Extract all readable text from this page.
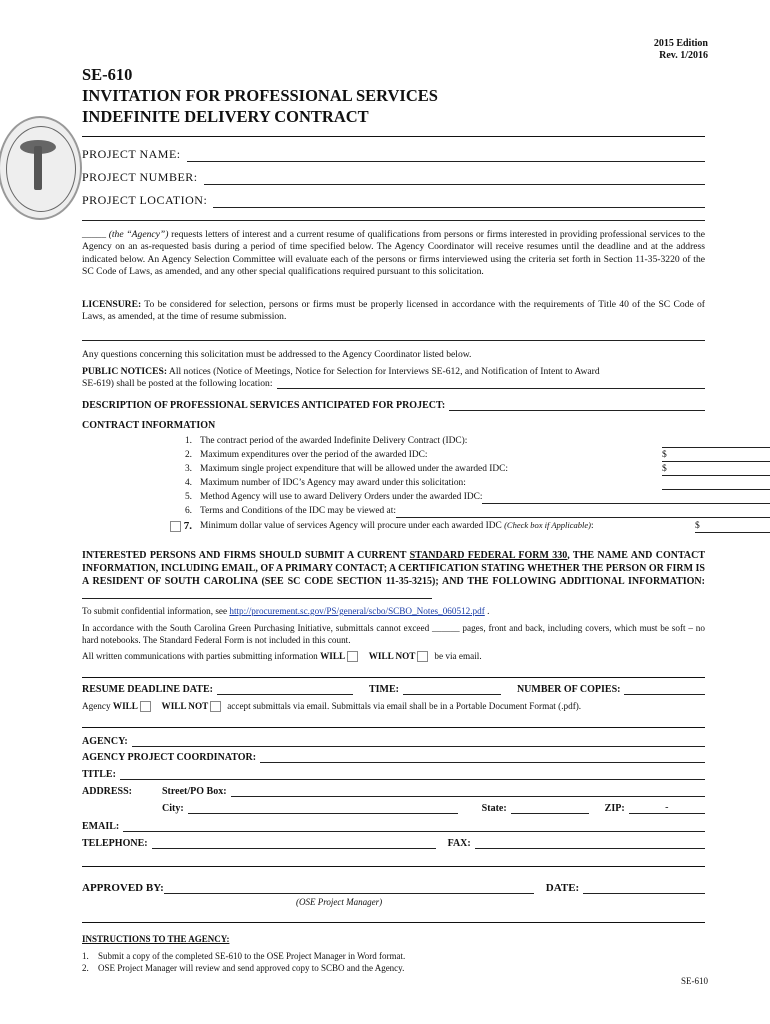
2015 Edition
Rev. 1/2016
SE-610
INVITATION FOR PROFESSIONAL SERVICES
INDEFINITE DELIVERY CONTRACT
PROJECT NAME:
PROJECT NUMBER:
PROJECT LOCATION:
_____ (the “Agency”) requests letters of interest and a current resume of qualifications from persons or firms interested in providing professional services to the Agency on an as-requested basis during a period of time specified below. The Agency Coordinator will receive resumes until the deadline and at the address indicated below. An Agency Selection Committee will evaluate each of the persons or firms interviewed using the criteria set forth in Section 11-35-3220 of the SC Code of Laws, as amended, and any other special qualifications required pursuant to this solicitation.
LICENSURE: To be considered for selection, persons or firms must be properly licensed in accordance with the requirements of Title 40 of the SC Code of Laws, as amended, at the time of resume submission.
Any questions concerning this solicitation must be addressed to the Agency Coordinator listed below.
PUBLIC NOTICES: All notices (Notice of Meetings, Notice for Selection for Interviews SE-612, and Notification of Intent to Award
SE-619) shall be posted at the following location:
DESCRIPTION OF PROFESSIONAL SERVICES ANTICIPATED FOR PROJECT:
CONTRACT INFORMATION
1. The contract period of the awarded Indefinite Delivery Contract (IDC):
2. Maximum expenditures over the period of the awarded IDC:	$
3. Maximum single project expenditure that will be allowed under the awarded IDC:	$
4. Maximum number of IDC’s Agency may award under this solicitation:
5. Method Agency will use to award Delivery Orders under the awarded IDC:
6. Terms and Conditions of the IDC may be viewed at:
7. Minimum dollar value of services Agency will procure under each awarded IDC (Check box if Applicable):	$
INTERESTED PERSONS AND FIRMS SHOULD SUBMIT A CURRENT STANDARD FEDERAL FORM 330, THE NAME AND CONTACT INFORMATION, INCLUDING EMAIL, OF A PRIMARY CONTACT; A CERTIFICATION STATING WHETHER THE PERSON OR FIRM IS A RESIDENT OF SOUTH CAROLINA (SEE SC CODE SECTION 11-35-3215); AND THE FOLLOWING ADDITIONAL INFORMATION:
To submit confidential information, see http://procurement.sc.gov/PS/general/scbo/SCBO_Notes_060512.pdf .
In accordance with the South Carolina Green Purchasing Initiative, submittals cannot exceed ______ pages, front and back, including covers, which must be soft – no hard notebooks. The Standard Federal Form is not included in this count.
All written communications with parties submitting information WILL	WILL NOT be via email.
RESUME DEADLINE DATE:	TIME:	NUMBER OF COPIES:
Agency WILL	WILL NOT accept submittals via email. Submittals via email shall be in a Portable Document Format (.pdf).
AGENCY:
AGENCY PROJECT COORDINATOR:
TITLE:
ADDRESS:	Street/PO Box:
City:	State:	ZIP:	-
EMAIL:
TELEPHONE:	FAX:
APPROVED BY:	DATE:
(OSE Project Manager)
INSTRUCTIONS TO THE AGENCY:
1. Submit a copy of the completed SE-610 to the OSE Project Manager in Word format.
2. OSE Project Manager will review and send approved copy to SCBO and the Agency.
SE-610
